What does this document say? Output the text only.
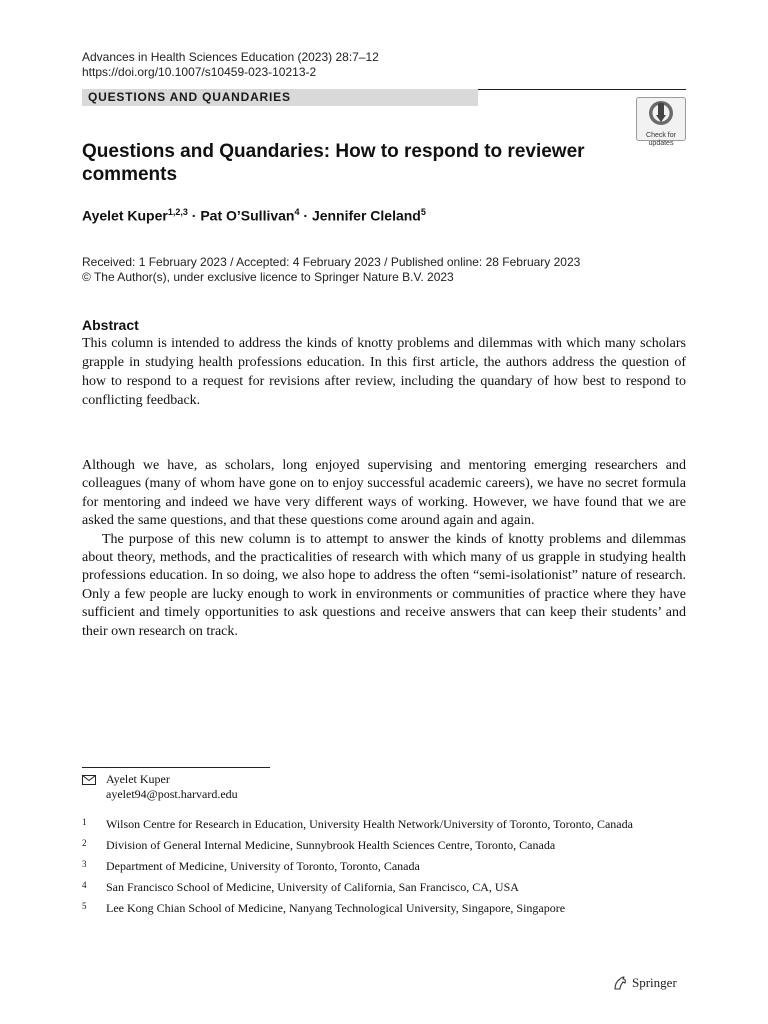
Advances in Health Sciences Education (2023) 28:7–12
https://doi.org/10.1007/s10459-023-10213-2
QUESTIONS AND QUANDARIES
Check for
updates
Questions and Quandaries: How to respond to reviewer comments
Ayelet Kuper$^{1,2,3}$ · Pat O’Sullivan$^4$ · Jennifer Cleland$^5$
Received: 1 February 2023 / Accepted: 4 February 2023 / Published online: 28 February 2023
© The Author(s), under exclusive licence to Springer Nature B.V. 2023
Abstract
This column is intended to address the kinds of knotty problems and dilemmas with which many scholars grapple in studying health professions education. In this first article, the authors address the question of how to respond to a request for revisions after review, including the quandary of how best to respond to conflicting feedback.

Although we have, as scholars, long enjoyed supervising and mentoring emerging researchers and colleagues (many of whom have gone on to enjoy successful academic careers), we have no secret formula for mentoring and indeed we have very different ways of working. However, we have found that we are asked the same questions, and that these questions come around again and again.

The purpose of this new column is to attempt to answer the kinds of knotty problems and dilemmas about theory, methods, and the practicalities of research with which many of us grapple in studying health professions education. In so doing, we also hope to address the often “semi-isolationist” nature of research. Only a few people are lucky enough to work in environments or communities of practice where they have sufficient and timely opportunities to ask questions and receive answers that can keep their students’ and their own research on track.

Ayelet Kuper
ayelet94@post.harvard.edu
1 Wilson Centre for Research in Education, University Health Network/University of Toronto, Toronto, Canada
2 Division of General Internal Medicine, Sunnybrook Health Sciences Centre, Toronto, Canada
3 Department of Medicine, University of Toronto, Toronto, Canada
4 San Francisco School of Medicine, University of California, San Francisco, CA, USA
5 Lee Kong Chian School of Medicine, Nanyang Technological University, Singapore, Singapore
Springer
